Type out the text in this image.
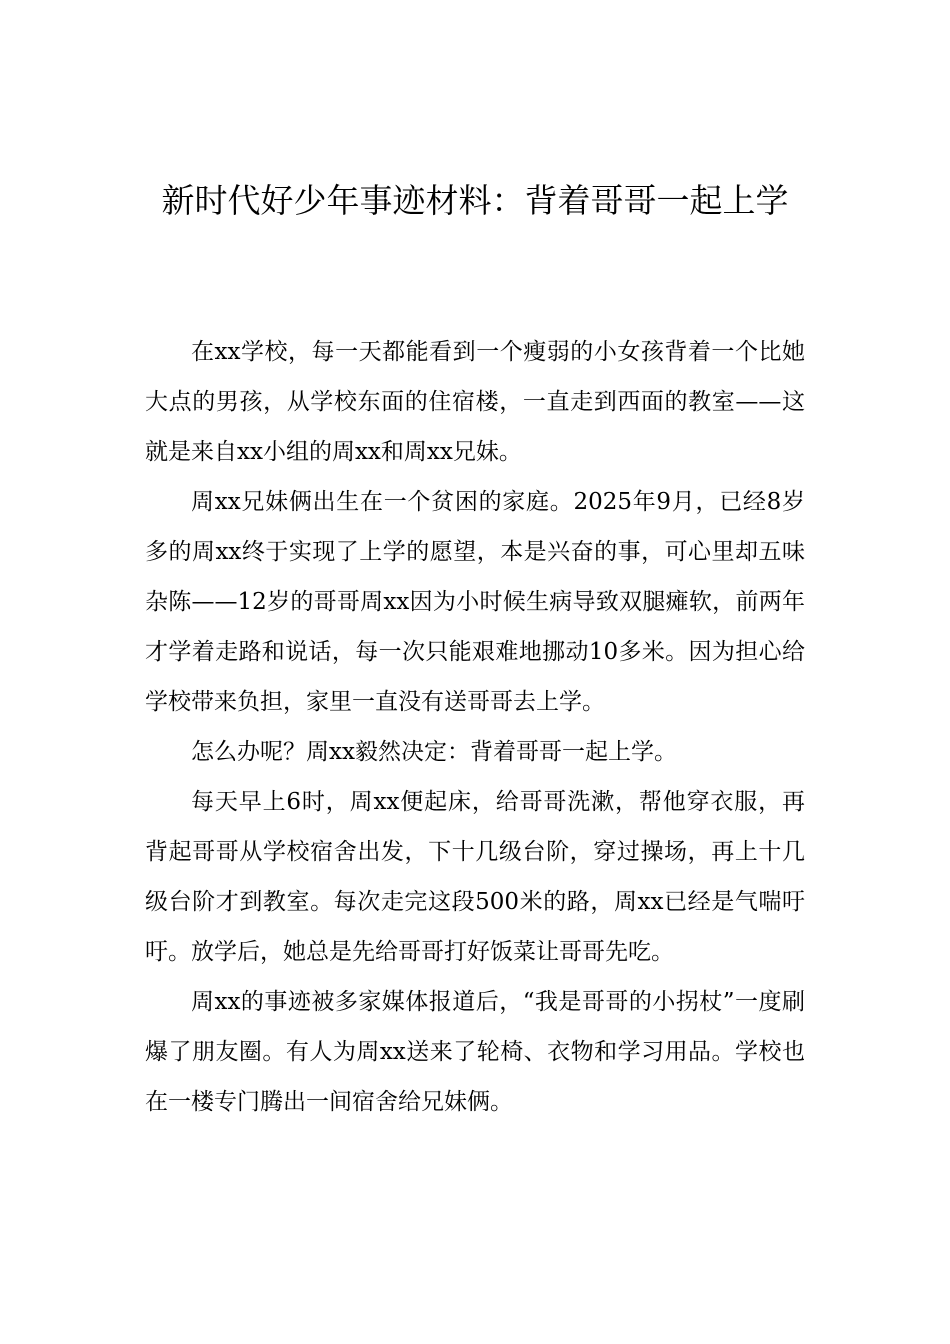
新时代好少年事迹材料：背着哥哥一起上学

在xx学校，每一天都能看到一个瘦弱的小女孩背着一个比她大点的男孩，从学校东面的住宿楼，一直走到西面的教室——这就是来自xx小组的周xx和周xx兄妹。

周xx兄妹俩出生在一个贫困的家庭。2025年9月，已经8岁多的周xx终于实现了上学的愿望，本是兴奋的事，可心里却五味杂陈——12岁的哥哥周xx因为小时候生病导致双腿瘫软，前两年才学着走路和说话，每一次只能艰难地挪动10多米。因为担心给学校带来负担，家里一直没有送哥哥去上学。

怎么办呢？周xx毅然决定：背着哥哥一起上学。

每天早上6时，周xx便起床，给哥哥洗漱，帮他穿衣服，再背起哥哥从学校宿舍出发，下十几级台阶，穿过操场，再上十几级台阶才到教室。每次走完这段500米的路，周xx已经是气喘吁吁。放学后，她总是先给哥哥打好饭菜让哥哥先吃。

周xx的事迹被多家媒体报道后，“我是哥哥的小拐杖”一度刷爆了朋友圈。有人为周xx送来了轮椅、衣物和学习用品。学校也在一楼专门腾出一间宿舍给兄妹俩。
